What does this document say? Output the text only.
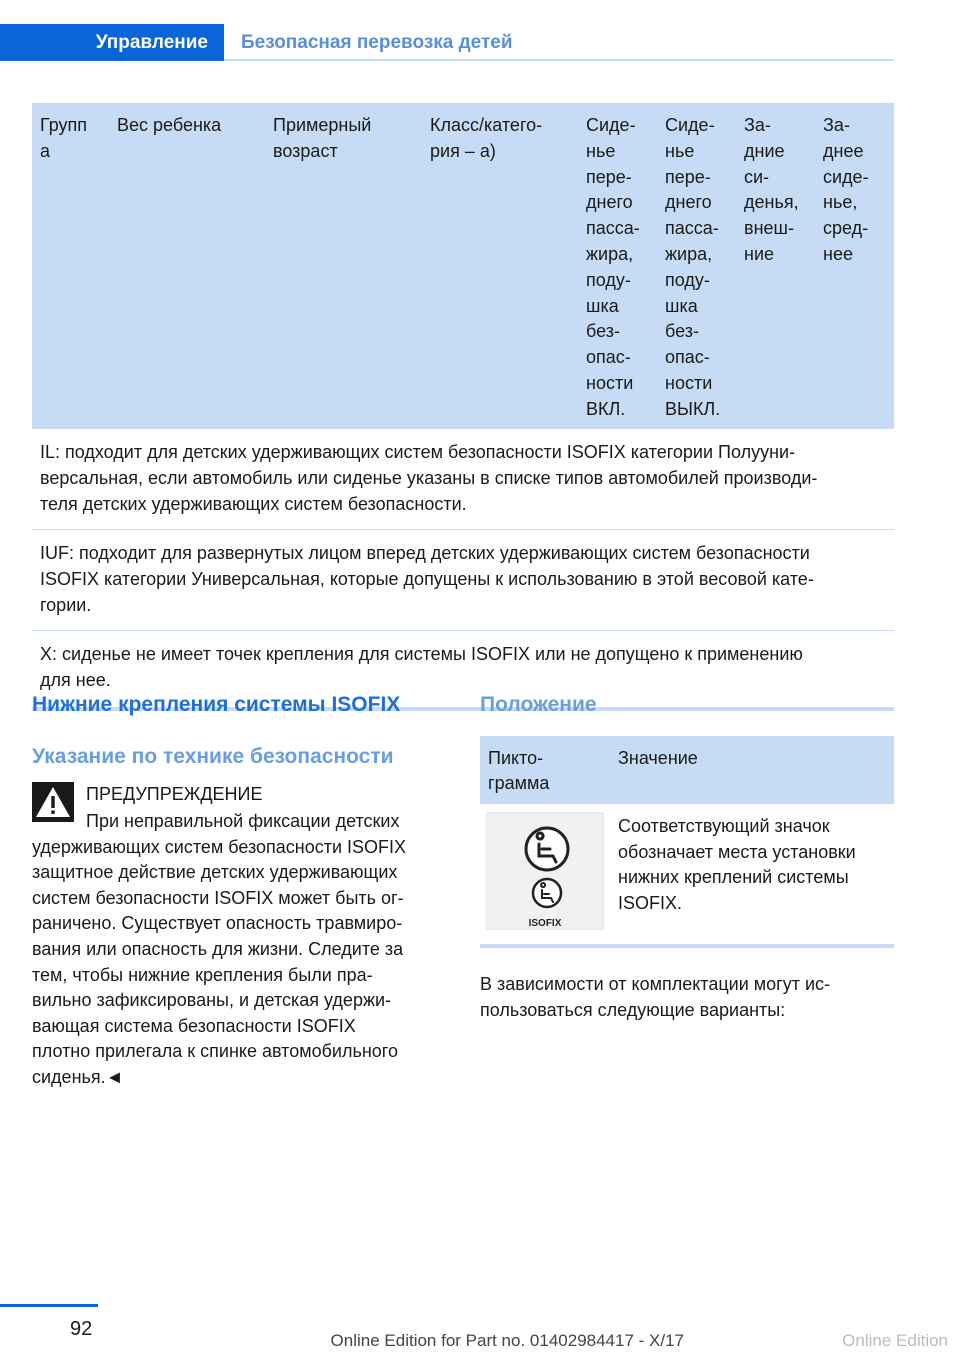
Управление Безопасная перевозка детей
Групп
а	Вес ребенка	Примерный
возраст	Класс/катего-
рия – а)	Сиде-
нье
пере-
днего
пасса-
жира,
поду-
шка
без-
опас-
ности
ВКЛ.	Сиде-
нье
пере-
днего
пасса-
жира,
поду-
шка
без-
опас-
ности
ВЫКЛ.	За-
дние
си-
денья,
внеш-
ние	За-
днее
сиде-
нье,
сред-
нее
IL: подходит для детских удерживающих систем безопасности ISOFIX категории Полууни-
версальная, если автомобиль или сиденье указаны в списке типов автомобилей производи-
теля детских удерживающих систем безопасности.
IUF: подходит для развернутых лицом вперед детских удерживающих систем безопасности
ISOFIX категории Универсальная, которые допущены к использованию в этой весовой кате-
гории.
X: сиденье не имеет точек крепления для системы ISOFIX или не допущено к применению
для нее.
Нижние крепления системы ISOFIX
Указание по технике безопасности
ПРЕДУПРЕЖДЕНИЕ
При неправильной фиксации детских
удерживающих систем безопасности ISOFIX
защитное действие детских удерживающих
систем безопасности ISOFIX может быть ог-
раничено. Существует опасность травмиро-
вания или опасность для жизни. Следите за
тем, чтобы нижние крепления были пра-
вильно зафиксированы, и детская удержи-
вающая система безопасности ISOFIX
плотно прилегала к спинке автомобильного
сиденья.◄
Положение
Пикто-
грамма	Значение

ISOFIX	Соответствующий значок
обозначает места установки
нижних креплений системы
ISOFIX.
В зависимости от комплектации могут ис-
пользоваться следующие варианты:
92
Online Edition for Part no. 01402984417 - X/17	Online Edition
